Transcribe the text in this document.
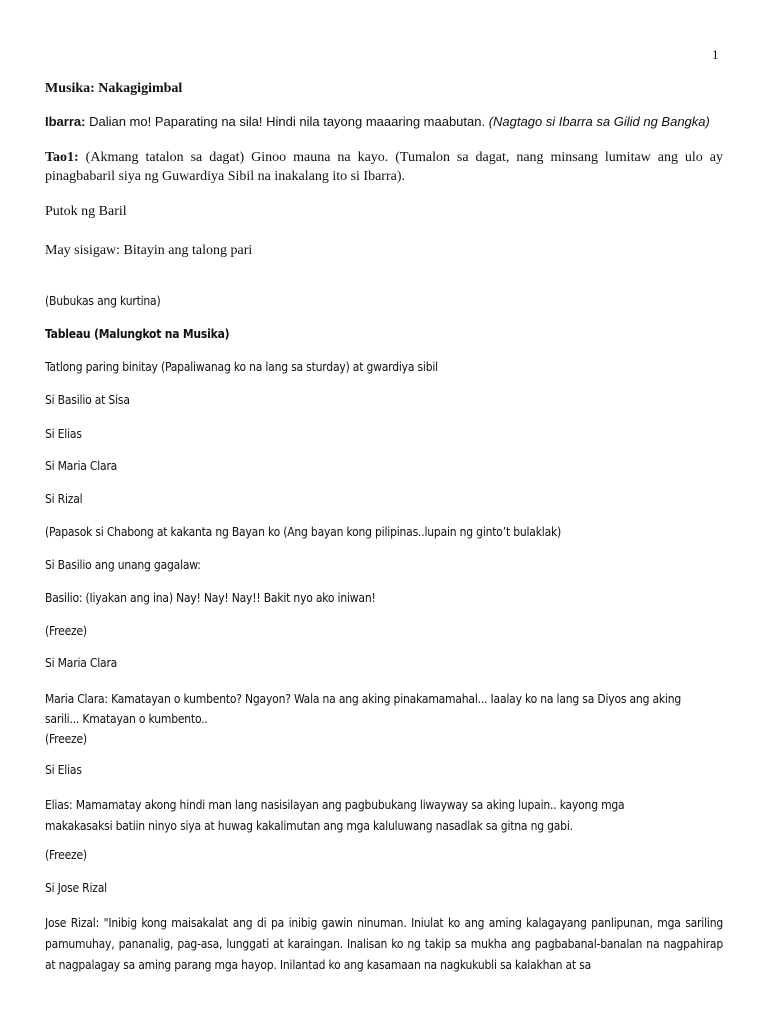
1
Musika: Nakagigimbal
Ibarra: Dalian mo! Paparating na sila! Hindi nila tayong maaaring maabutan. (Nagtago si Ibarra sa Gilid ng Bangka)
Tao1: (Akmang tatalon sa dagat) Ginoo mauna na kayo. (Tumalon sa dagat, nang minsang lumitaw ang ulo ay pinagbabaril siya ng Guwardiya Sibil na inakalang ito si Ibarra).
Putok ng Baril
May sisigaw: Bitayin ang talong pari
(Bubukas ang kurtina)
Tableau (Malungkot na Musika)
Tatlong paring binitay (Papaliwanag ko na lang sa sturday) at gwardiya sibil
Si Basilio at Sisa
Si Elias
Si Maria Clara
Si Rizal
(Papasok si Chabong at kakanta ng Bayan ko (Ang bayan kong pilipinas..lupain ng ginto’t bulaklak)
Si Basilio ang unang gagalaw:
Basilio: (Iiyakan ang ina) Nay! Nay! Nay!! Bakit nyo ako iniwan!
(Freeze)
Si Maria Clara
Maria Clara: Kamatayan o kumbento? Ngayon? Wala na ang aking pinakamamahal... Iaalay ko na lang sa Diyos ang aking
sarili... Kmatayan o kumbento..
(Freeze)
Si Elias
Elias: Mamamatay akong hindi man lang nasisilayan ang pagbubukang liwayway sa aking lupain.. kayong mga
makakasaksi batiin ninyo siya at huwag kakalimutan ang mga kaluluwang nasadlak sa gitna ng gabi.
(Freeze)
Si Jose Rizal
Jose Rizal: "Inibig kong maisakalat ang di pa inibig gawin ninuman. Iniulat ko ang aming kalagayang panlipunan, mga sariling pamumuhay, pananalig, pag-asa, lunggati at karaingan. Inalisan ko ng takip sa mukha ang pagbabanal-banalan na nagpahirap at nagpalagay sa aming parang mga hayop. Inilantad ko ang kasamaan na nagkukubli sa kalakhan at sa
